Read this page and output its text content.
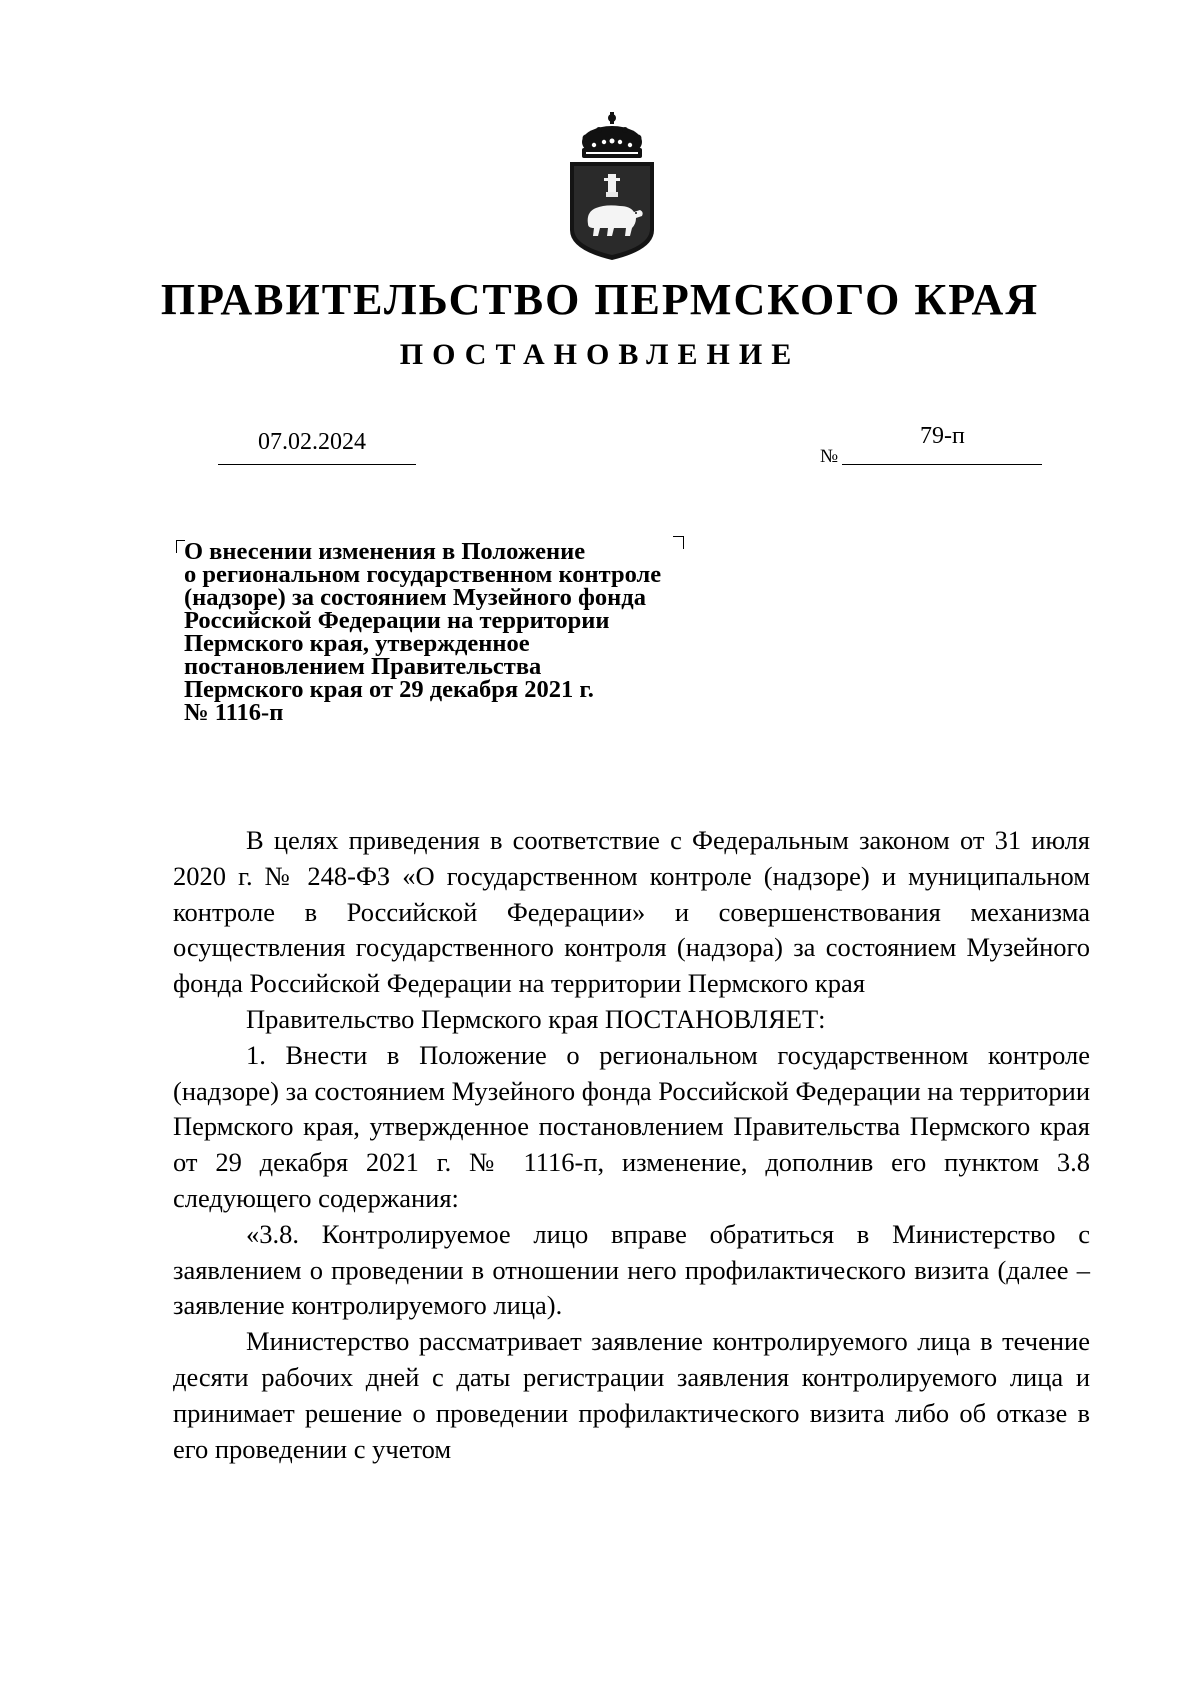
ПРАВИТЕЛЬСТВО ПЕРМСКОГО КРАЯ
ПОСТАНОВЛЕНИЕ
07.02.2024
№
79-п
О внесении изменения в Положение
о региональном государственном контроле
(надзоре) за состоянием Музейного фонда
Российской Федерации на территории
Пермского края, утвержденное
постановлением Правительства
Пермского края от 29 декабря 2021 г.
№ 1116-п

В целях приведения в соответствие с Федеральным законом от 31 июля 2020 г. № 248-ФЗ «О государственном контроле (надзоре) и муниципальном контроле в Российской Федерации» и совершенствования механизма осуществления государственного контроля (надзора) за состоянием Музейного фонда Российской Федерации на территории Пермского края

Правительство Пермского края ПОСТАНОВЛЯЕТ:

1. Внести в Положение о региональном государственном контроле (надзоре) за состоянием Музейного фонда Российской Федерации на территории Пермского края, утвержденное постановлением Правительства Пермского края от 29 декабря 2021 г. № 1116-п, изменение, дополнив его пунктом 3.8 следующего содержания:

«3.8. Контролируемое лицо вправе обратиться в Министерство с заявлением о проведении в отношении него профилактического визита (далее – заявление контролируемого лица).

Министерство рассматривает заявление контролируемого лица в течение десяти рабочих дней с даты регистрации заявления контролируемого лица и принимает решение о проведении профилактического визита либо об отказе в его проведении с учетом
